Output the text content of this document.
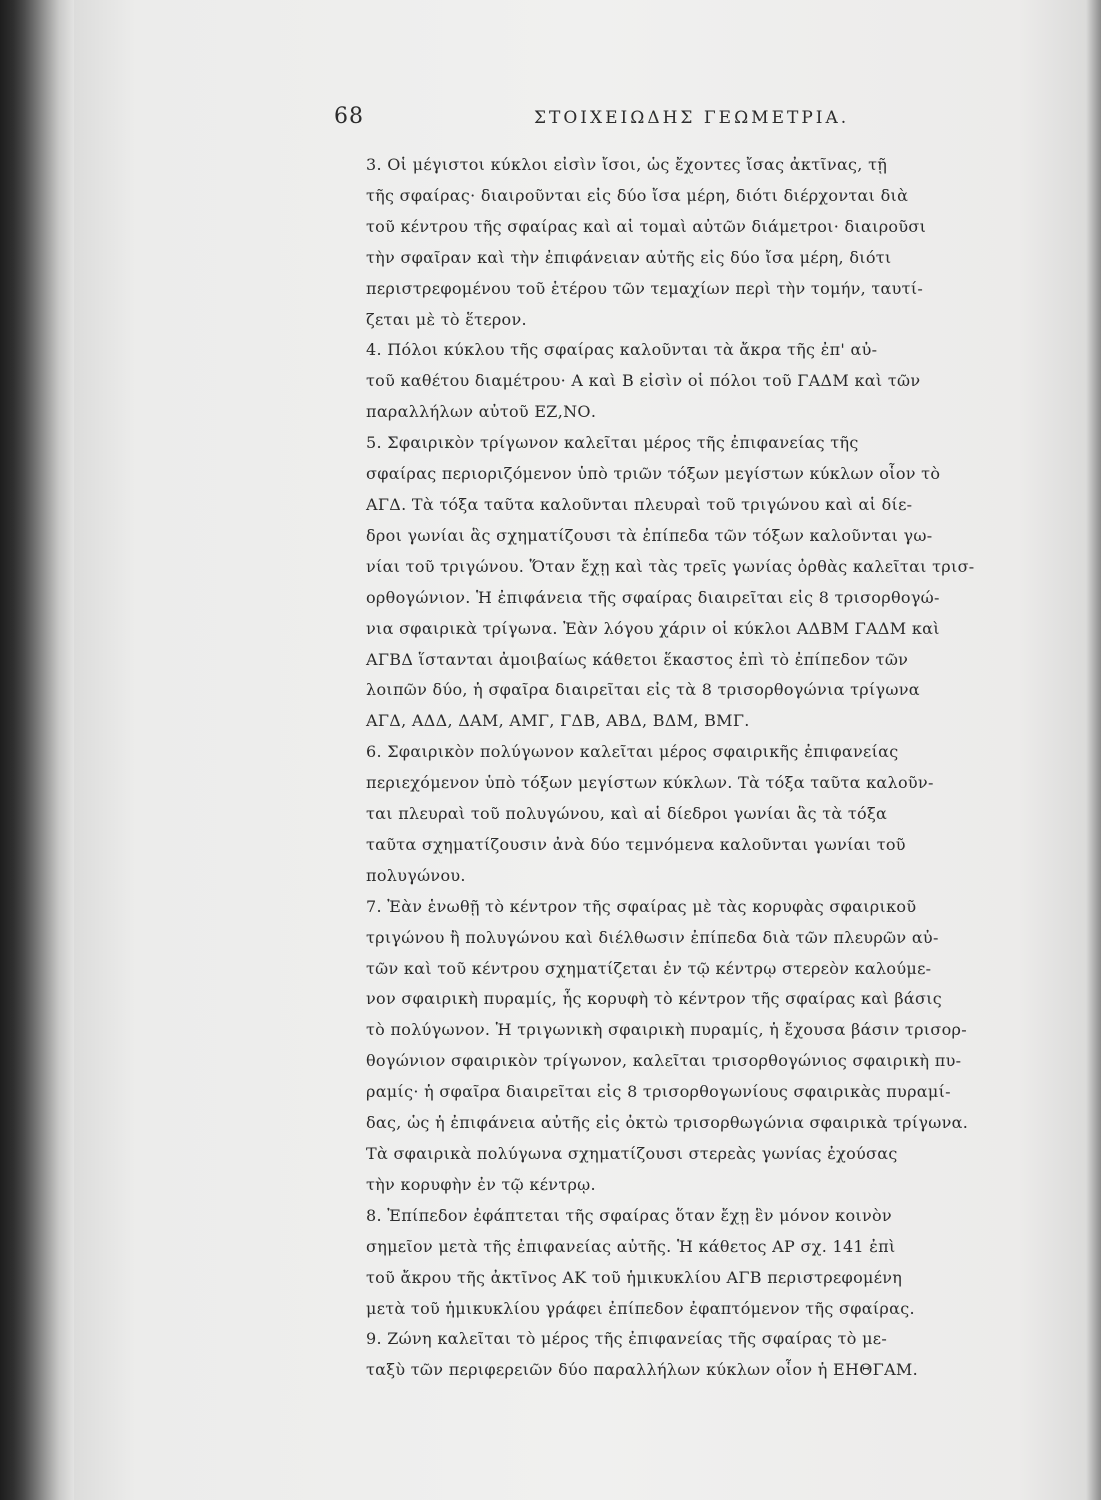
68	ΣΤΟΙΧΕΙΩΔΗΣ ΓΕΩΜΕΤΡΙΑ.
3. Οἱ μέγιστοι κύκλοι εἰσὶν ἴσοι, ὡς ἔχοντες ἴσας ἀκτῖνας, τῇ
τῆς σφαίρας· διαιροῦνται εἰς δύο ἴσα μέρη, διότι διέρχονται διὰ
τοῦ κέντρου τῆς σφαίρας καὶ αἱ τομαὶ αὐτῶν διάμετροι· διαιροῦσι
τὴν σφαῖραν καὶ τὴν ἐπιφάνειαν αὐτῆς εἰς δύο ἴσα μέρη, διότι
περιστρεφομένου τοῦ ἑτέρου τῶν τεμαχίων περὶ τὴν τομήν, ταυτί-
ζεται μὲ τὸ ἕτερον.
4. Πόλοι κύκλου τῆς σφαίρας καλοῦνται τὰ ἄκρα τῆς ἐπ' αὐ-
τοῦ καθέτου διαμέτρου· Α καὶ Β εἰσὶν οἱ πόλοι τοῦ ΓΑΔΜ καὶ τῶν
παραλλήλων αὐτοῦ ΕΖ,ΝΟ.
5. Σφαιρικὸν τρίγωνον καλεῖται μέρος τῆς ἐπιφανείας τῆς
σφαίρας περιοριζόμενον ὑπὸ τριῶν τόξων μεγίστων κύκλων οἷον τὸ
ΑΓΔ. Τὰ τόξα ταῦτα καλοῦνται πλευραὶ τοῦ τριγώνου καὶ αἱ δίε-
δροι γωνίαι ἃς σχηματίζουσι τὰ ἐπίπεδα τῶν τόξων καλοῦνται γω-
νίαι τοῦ τριγώνου. Ὅταν ἔχῃ καὶ τὰς τρεῖς γωνίας ὀρθὰς καλεῖται τρισ-
ορθογώνιον. Ἡ ἐπιφάνεια τῆς σφαίρας διαιρεῖται εἰς 8 τρισορθογώ-
νια σφαιρικὰ τρίγωνα. Ἐὰν λόγου χάριν οἱ κύκλοι ΑΔΒΜ ΓΑΔΜ καὶ
ΑΓΒΔ ἵστανται ἀμοιβαίως κάθετοι ἕκαστος ἐπὶ τὸ ἐπίπεδον τῶν
λοιπῶν δύο, ἡ σφαῖρα διαιρεῖται εἰς τὰ 8 τρισορθογώνια τρίγωνα
ΑΓΔ, ΑΔΔ, ΔΑΜ, ΑΜΓ, ΓΔΒ, ΑΒΔ, ΒΔΜ, ΒΜΓ.
6. Σφαιρικὸν πολύγωνον καλεῖται μέρος σφαιρικῆς ἐπιφανείας
περιεχόμενον ὑπὸ τόξων μεγίστων κύκλων. Τὰ τόξα ταῦτα καλοῦν-
ται πλευραὶ τοῦ πολυγώνου, καὶ αἱ δίεδροι γωνίαι ἃς τὰ τόξα
ταῦτα σχηματίζουσιν ἀνὰ δύο τεμνόμενα καλοῦνται γωνίαι τοῦ
πολυγώνου.
7. Ἐὰν ἑνωθῇ τὸ κέντρον τῆς σφαίρας μὲ τὰς κορυφὰς σφαιρικοῦ
τριγώνου ἢ πολυγώνου καὶ διέλθωσιν ἐπίπεδα διὰ τῶν πλευρῶν αὐ-
τῶν καὶ τοῦ κέντρου σχηματίζεται ἐν τῷ κέντρῳ στερεὸν καλούμε-
νον σφαιρικὴ πυραμίς, ἧς κορυφὴ τὸ κέντρον τῆς σφαίρας καὶ βάσις
τὸ πολύγωνον. Ἡ τριγωνικὴ σφαιρικὴ πυραμίς, ἡ ἔχουσα βάσιν τρισορ-
θογώνιον σφαιρικὸν τρίγωνον, καλεῖται τρισορθογώνιος σφαιρικὴ πυ-
ραμίς· ἡ σφαῖρα διαιρεῖται εἰς 8 τρισορθογωνίους σφαιρικὰς πυραμί-
δας, ὡς ἡ ἐπιφάνεια αὐτῆς εἰς ὀκτὼ τρισορθωγώνια σφαιρικὰ τρίγωνα.
Τὰ σφαιρικὰ πολύγωνα σχηματίζουσι στερεὰς γωνίας ἐχούσας
τὴν κορυφὴν ἐν τῷ κέντρῳ.
8. Ἐπίπεδον ἐφάπτεται τῆς σφαίρας ὅταν ἔχῃ ἓν μόνον κοινὸν
σημεῖον μετὰ τῆς ἐπιφανείας αὐτῆς. Ἡ κάθετος ΑΡ σχ. 141 ἐπὶ
τοῦ ἄκρου τῆς ἀκτῖνος ΑΚ τοῦ ἡμικυκλίου ΑΓΒ περιστρεφομένη
μετὰ τοῦ ἡμικυκλίου γράφει ἐπίπεδον ἐφαπτόμενον τῆς σφαίρας.
9. Ζώνη καλεῖται τὸ μέρος τῆς ἐπιφανείας τῆς σφαίρας τὸ με-
ταξὺ τῶν περιφερειῶν δύο παραλλήλων κύκλων οἷον ἡ ΕΗΘΓΑΜ.
